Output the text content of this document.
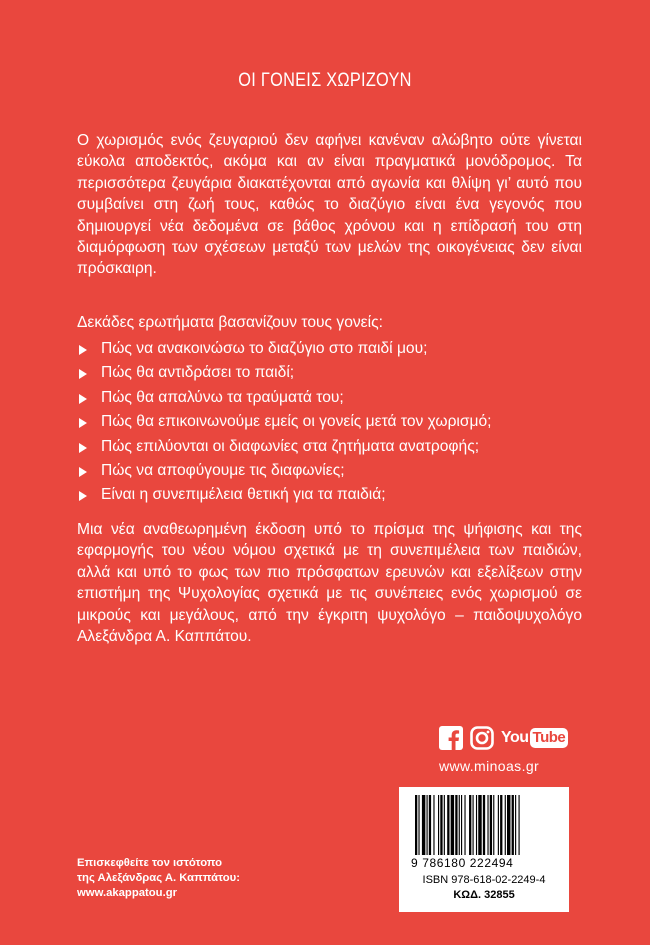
ΟΙ ΓΟΝΕΙΣ ΧΩΡΙΖΟΥΝ
Ο χωρισμός ενός ζευγαριού δεν αφήνει κανέναν αλώβητο ούτε γίνεται εύκολα αποδεκτός, ακόμα και αν είναι πραγματικά μονόδρομος. Τα περισσότερα ζευγάρια διακατέχονται από αγωνία και θλίψη γι’ αυτό που συμβαίνει στη ζωή τους, καθώς το διαζύγιο είναι ένα γεγονός που δημιουργεί νέα δεδομένα σε βάθος χρόνου και η επίδρασή του στη διαμόρφωση των σχέσεων μεταξύ των μελών της οικογένειας δεν είναι πρόσκαιρη.
Δεκάδες ερωτήματα βασανίζουν τους γονείς:
Πώς να ανακοινώσω το διαζύγιο στο παιδί μου;
Πώς θα αντιδράσει το παιδί;
Πώς θα απαλύνω τα τραύματά του;
Πώς θα επικοινωνούμε εμείς οι γονείς μετά τον χωρισμό;
Πώς επιλύονται οι διαφωνίες στα ζητήματα ανατροφής;
Πώς να αποφύγουμε τις διαφωνίες;
Είναι η συνεπιμέλεια θετική για τα παιδιά;
Μια νέα αναθεωρημένη έκδοση υπό το πρίσμα της ψήφισης και της εφαρμογής του νέου νόμου σχετικά με τη συνεπιμέλεια των παιδιών, αλλά και υπό το φως των πιο πρόσφατων ερευνών και εξελίξεων στην επιστήμη της Ψυχολογίας σχετικά με τις συνέπειες ενός χωρισμού σε μικρούς και μεγάλους, από την έγκριτη ψυχολόγο – παιδοψυχολόγο Αλεξάνδρα Α. Καππάτου.
You Tube
www.minoas.gr
Επισκεφθείτε τον ιστότοπο
της Αλεξάνδρας Α. Καππάτου:
www.akappatou.gr
9 786180 222494
ISBN 978-618-02-2249-4
ΚΩΔ. 32855
